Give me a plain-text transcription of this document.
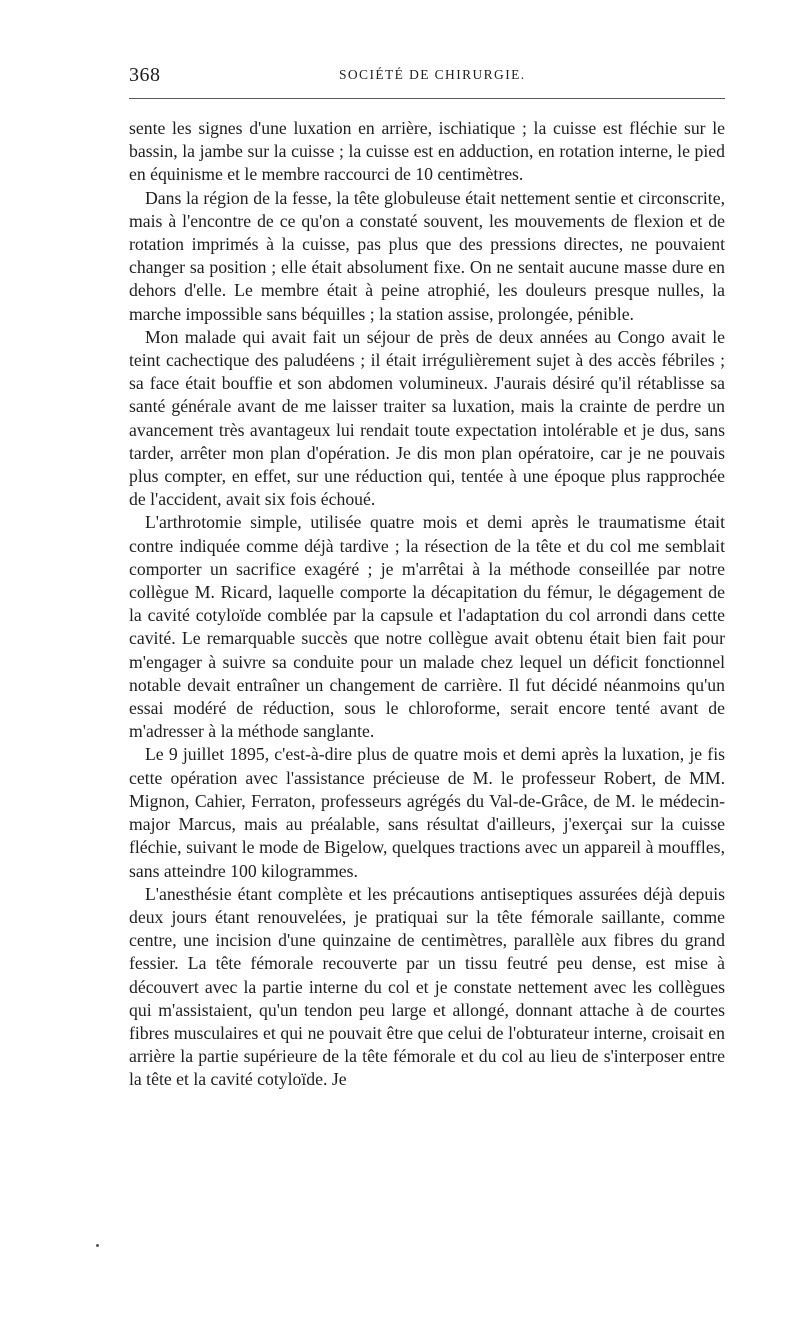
368	SOCIÉTÉ DE CHIRURGIE.

sente les signes d'une luxation en arrière, ischiatique ; la cuisse est fléchie sur le bassin, la jambe sur la cuisse ; la cuisse est en adduction, en rotation interne, le pied en équinisme et le membre raccourci de 10 centimètres.

Dans la région de la fesse, la tête globuleuse était nettement sentie et circonscrite, mais à l'encontre de ce qu'on a constaté souvent, les mouvements de flexion et de rotation imprimés à la cuisse, pas plus que des pressions directes, ne pouvaient changer sa position ; elle était absolument fixe. On ne sentait aucune masse dure en dehors d'elle. Le membre était à peine atrophié, les douleurs presque nulles, la marche impossible sans béquilles ; la station assise, prolongée, pénible.

Mon malade qui avait fait un séjour de près de deux années au Congo avait le teint cachectique des paludéens ; il était irrégulièrement sujet à des accès fébriles ; sa face était bouffie et son abdomen volumineux. J'aurais désiré qu'il rétablisse sa santé générale avant de me laisser traiter sa luxation, mais la crainte de perdre un avancement très avantageux lui rendait toute expectation intolérable et je dus, sans tarder, arrêter mon plan d'opération. Je dis mon plan opératoire, car je ne pouvais plus compter, en effet, sur une réduction qui, tentée à une époque plus rapprochée de l'accident, avait six fois échoué.

L'arthrotomie simple, utilisée quatre mois et demi après le traumatisme était contre indiquée comme déjà tardive ; la résection de la tête et du col me semblait comporter un sacrifice exagéré ; je m'arrêtai à la méthode conseillée par notre collègue M. Ricard, laquelle comporte la décapitation du fémur, le dégagement de la cavité cotyloïde comblée par la capsule et l'adaptation du col arrondi dans cette cavité. Le remarquable succès que notre collègue avait obtenu était bien fait pour m'engager à suivre sa conduite pour un malade chez lequel un déficit fonctionnel notable devait entraîner un changement de carrière. Il fut décidé néanmoins qu'un essai modéré de réduction, sous le chloroforme, serait encore tenté avant de m'adresser à la méthode sanglante.

Le 9 juillet 1895, c'est-à-dire plus de quatre mois et demi après la luxation, je fis cette opération avec l'assistance précieuse de M. le professeur Robert, de MM. Mignon, Cahier, Ferraton, professeurs agrégés du Val-de-Grâce, de M. le médecin-major Marcus, mais au préalable, sans résultat d'ailleurs, j'exerçai sur la cuisse fléchie, suivant le mode de Bigelow, quelques tractions avec un appareil à mouffles, sans atteindre 100 kilogrammes.

L'anesthésie étant complète et les précautions antiseptiques assurées déjà depuis deux jours étant renouvelées, je pratiquai sur la tête fémorale saillante, comme centre, une incision d'une quinzaine de centimètres, parallèle aux fibres du grand fessier. La tête fémorale recouverte par un tissu feutré peu dense, est mise à découvert avec la partie interne du col et je constate nettement avec les collègues qui m'assistaient, qu'un tendon peu large et allongé, donnant attache à de courtes fibres musculaires et qui ne pouvait être que celui de l'obturateur interne, croisait en arrière la partie supérieure de la tête fémorale et du col au lieu de s'interposer entre la tête et la cavité cotyloïde. Je
